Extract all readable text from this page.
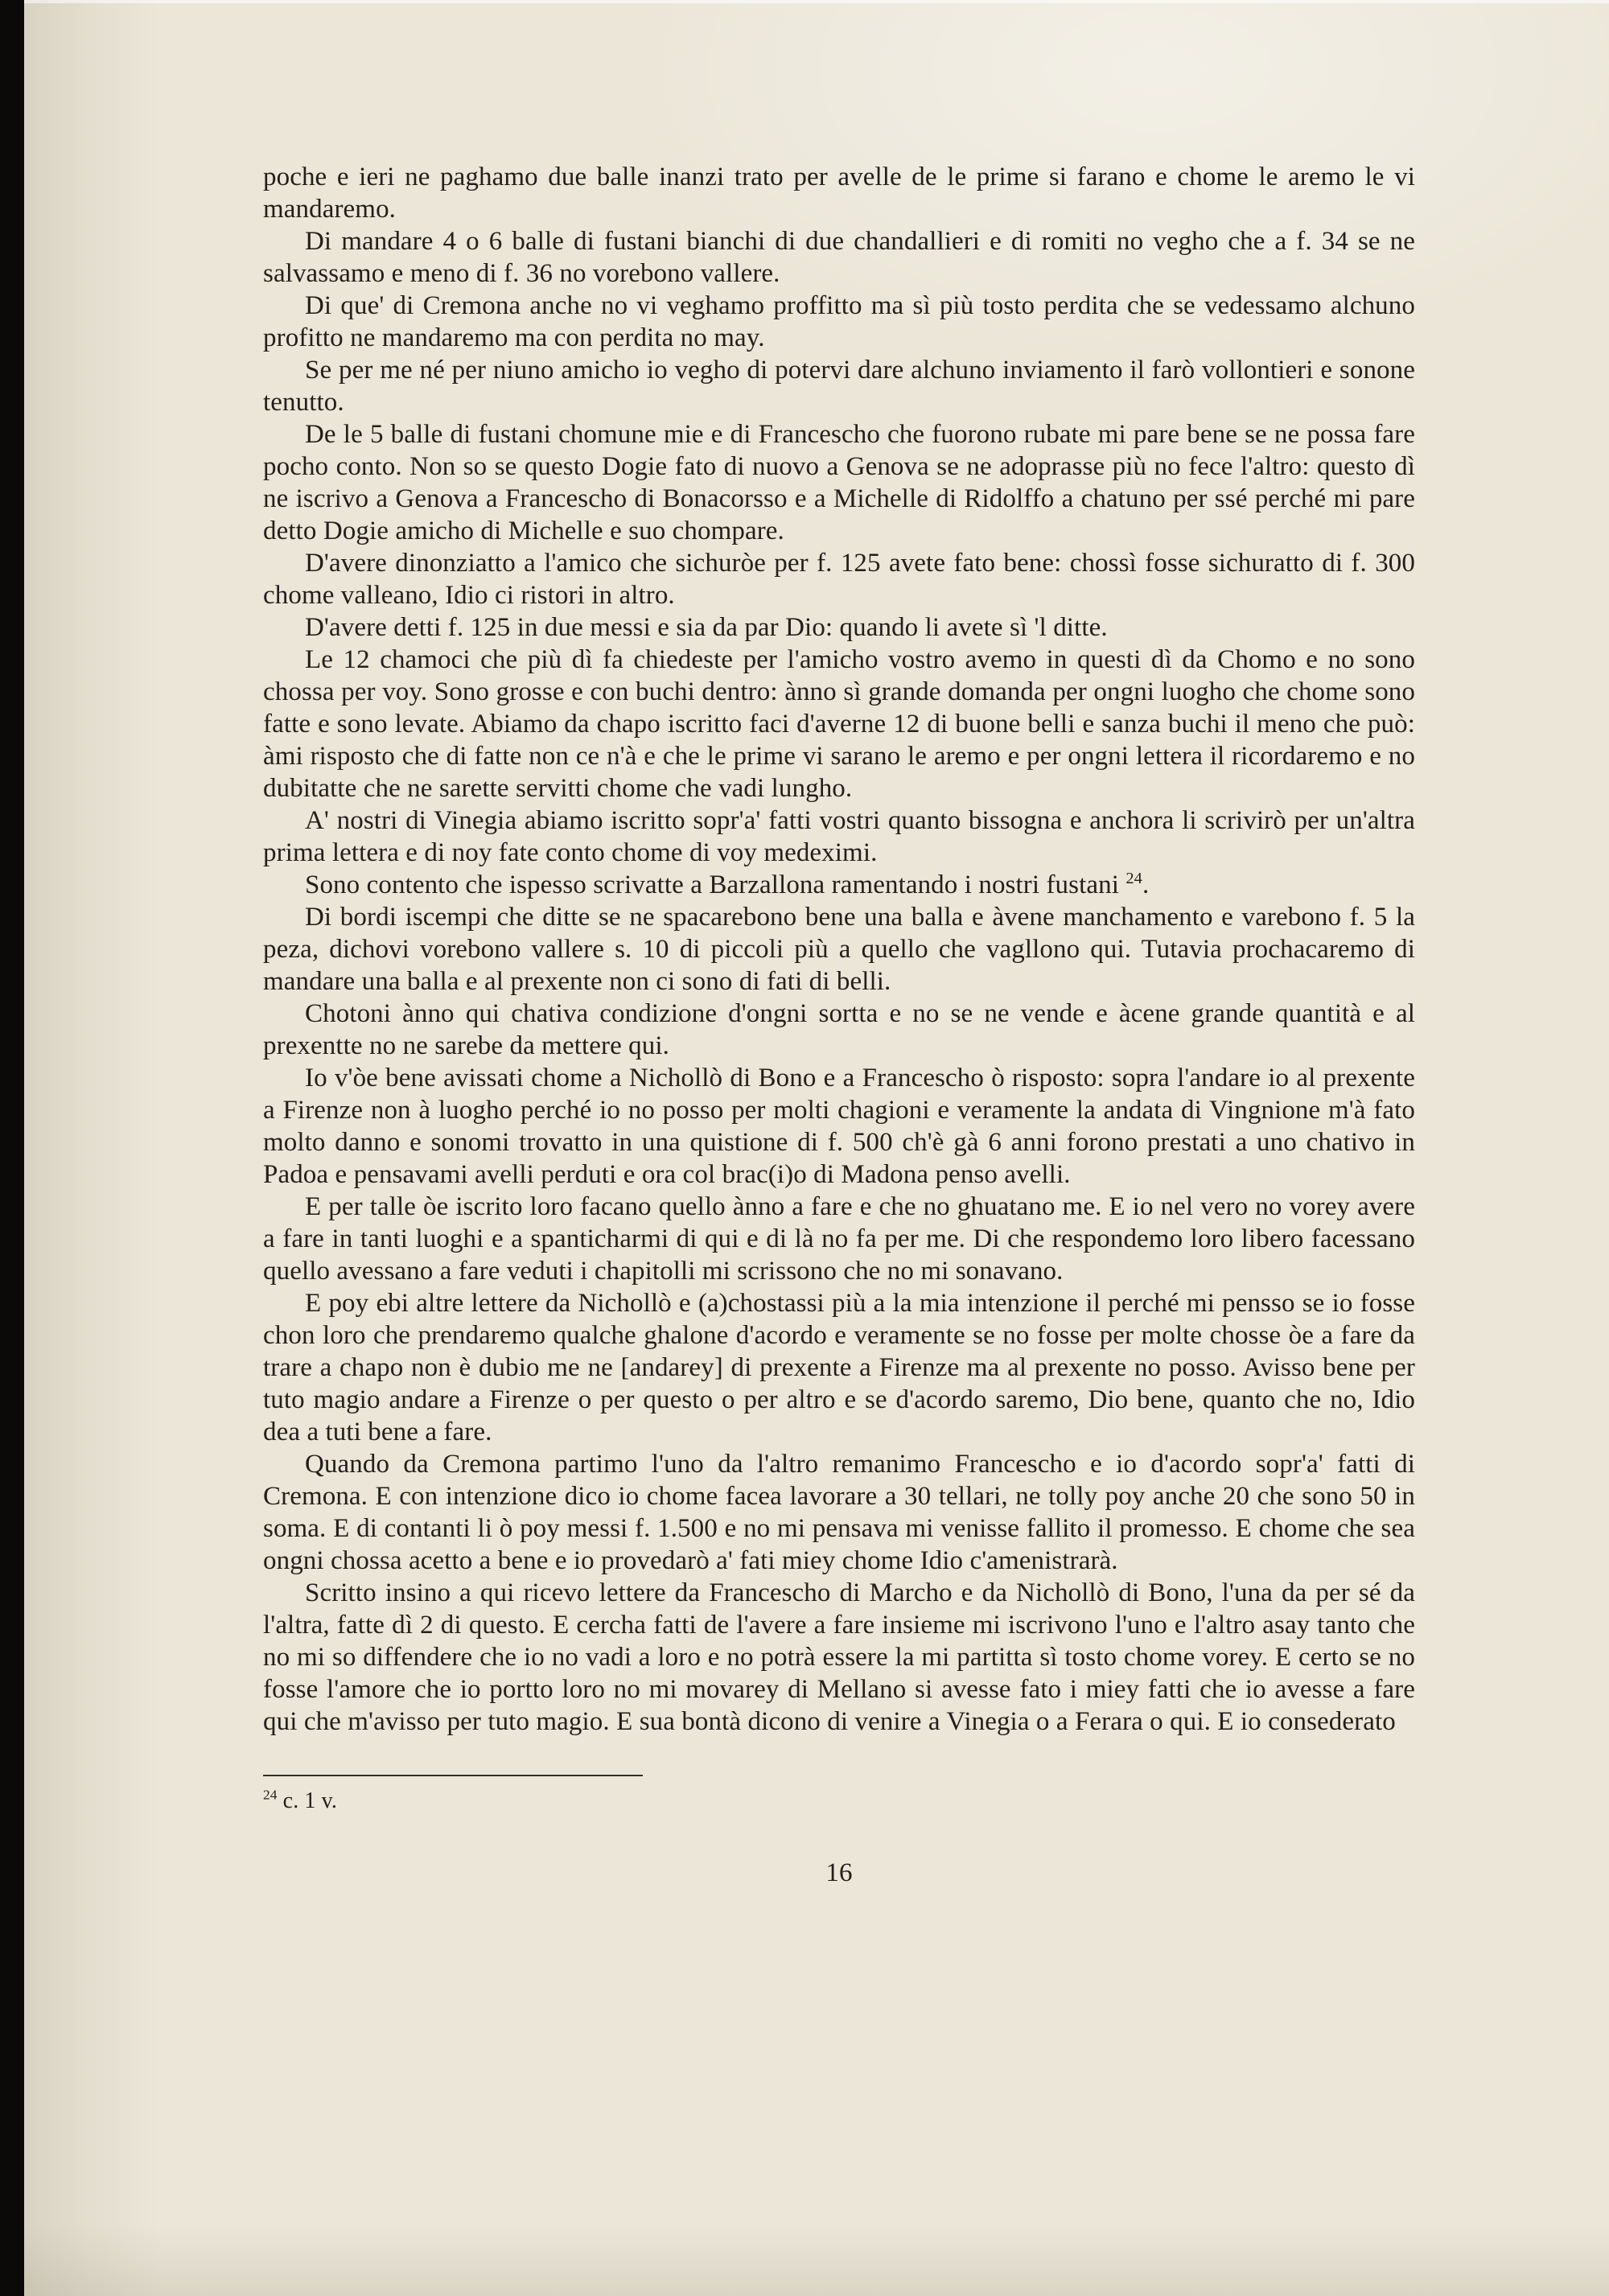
poche e ieri ne paghamo due balle inanzi trato per avelle de le prime si farano e chome le aremo le vi mandaremo.

Di mandare 4 o 6 balle di fustani bianchi di due chandallieri e di romiti no vegho che a f. 34 se ne salvassamo e meno di f. 36 no vorebono vallere.

Di que' di Cremona anche no vi veghamo proffitto ma sì più tosto perdita che se vedessamo alchuno profitto ne mandaremo ma con perdita no may.

Se per me né per niuno amicho io vegho di potervi dare alchuno inviamento il farò vollontieri e sonone tenutto.

De le 5 balle di fustani chomune mie e di Francescho che fuorono rubate mi pare bene se ne possa fare pocho conto. Non so se questo Dogie fato di nuovo a Genova se ne adoprasse più no fece l'altro: questo dì ne iscrivo a Genova a Francescho di Bonacorsso e a Michelle di Ridolffo a chatuno per ssé perché mi pare detto Dogie amicho di Michelle e suo chompare.

D'avere dinonziatto a l'amico che sichuròe per f. 125 avete fato bene: chossì fosse sichuratto di f. 300 chome valleano, Idio ci ristori in altro.

D'avere detti f. 125 in due messi e sia da par Dio: quando li avete sì 'l ditte.

Le 12 chamoci che più dì fa chiedeste per l'amicho vostro avemo in questi dì da Chomo e no sono chossa per voy. Sono grosse e con buchi dentro: ànno sì grande domanda per ongni luogho che chome sono fatte e sono levate. Abiamo da chapo iscritto faci d'averne 12 di buone belli e sanza buchi il meno che può: àmi risposto che di fatte non ce n'à e che le prime vi sarano le aremo e per ongni lettera il ricordaremo e no dubitatte che ne sarette servitti chome che vadi lungho.

A' nostri di Vinegia abiamo iscritto sopr'a' fatti vostri quanto bissogna e anchora li scrivirò per un'altra prima lettera e di noy fate conto chome di voy medeximi.

Sono contento che ispesso scrivatte a Barzallona ramentando i nostri fustani $^{24}$.

Di bordi iscempi che ditte se ne spacarebono bene una balla e àvene manchamento e varebono f. 5 la peza, dichovi vorebono vallere s. 10 di piccoli più a quello che vagllono qui. Tutavia prochacaremo di mandare una balla e al prexente non ci sono di fati di belli.

Chotoni ànno qui chativa condizione d'ongni sortta e no se ne vende e àcene grande quantità e al prexentte no ne sarebe da mettere qui.

Io v'òe bene avissati chome a Nichollò di Bono e a Francescho ò risposto: sopra l'andare io al prexente a Firenze non à luogho perché io no posso per molti chagioni e veramente la andata di Vingnione m'à fato molto danno e sonomi trovatto in una quistione di f. 500 ch'è gà 6 anni forono prestati a uno chativo in Padoa e pensavami avelli perduti e ora col brac(i)o di Madona penso avelli.

E per talle òe iscrito loro facano quello ànno a fare e che no ghuatano me. E io nel vero no vorey avere a fare in tanti luoghi e a spanticharmi di qui e di là no fa per me. Di che respondemo loro libero facessano quello avessano a fare veduti i chapitolli mi scrissono che no mi sonavano.

E poy ebi altre lettere da Nichollò e (a)chostassi più a la mia intenzione il perché mi pensso se io fosse chon loro che prendaremo qualche ghalone d'acordo e veramente se no fosse per molte chosse òe a fare da trare a chapo non è dubio me ne [andarey] di prexente a Firenze ma al prexente no posso. Avisso bene per tuto magio andare a Firenze o per questo o per altro e se d'acordo saremo, Dio bene, quanto che no, Idio dea a tuti bene a fare.

Quando da Cremona partimo l'uno da l'altro remanimo Francescho e io d'acordo sopr'a' fatti di Cremona. E con intenzione dico io chome facea lavorare a 30 tellari, ne tolly poy anche 20 che sono 50 in soma. E di contanti li ò poy messi f. 1.500 e no mi pensava mi venisse fallito il promesso. E chome che sea ongni chossa acetto a bene e io provedarò a' fati miey chome Idio c'amenistrarà.

Scritto insino a qui ricevo lettere da Francescho di Marcho e da Nichollò di Bono, l'una da per sé da l'altra, fatte dì 2 di questo. E cercha fatti de l'avere a fare insieme mi iscrivono l'uno e l'altro asay tanto che no mi so diffendere che io no vadi a loro e no potrà essere la mi partitta sì tosto chome vorey. E certo se no fosse l'amore che io portto loro no mi movarey di Mellano si avesse fato i miey fatti che io avesse a fare qui che m'avisso per tuto magio. E sua bontà dicono di venire a Vinegia o a Ferara o qui. E io consederato

$^{24}$ c. 1 v.

16
